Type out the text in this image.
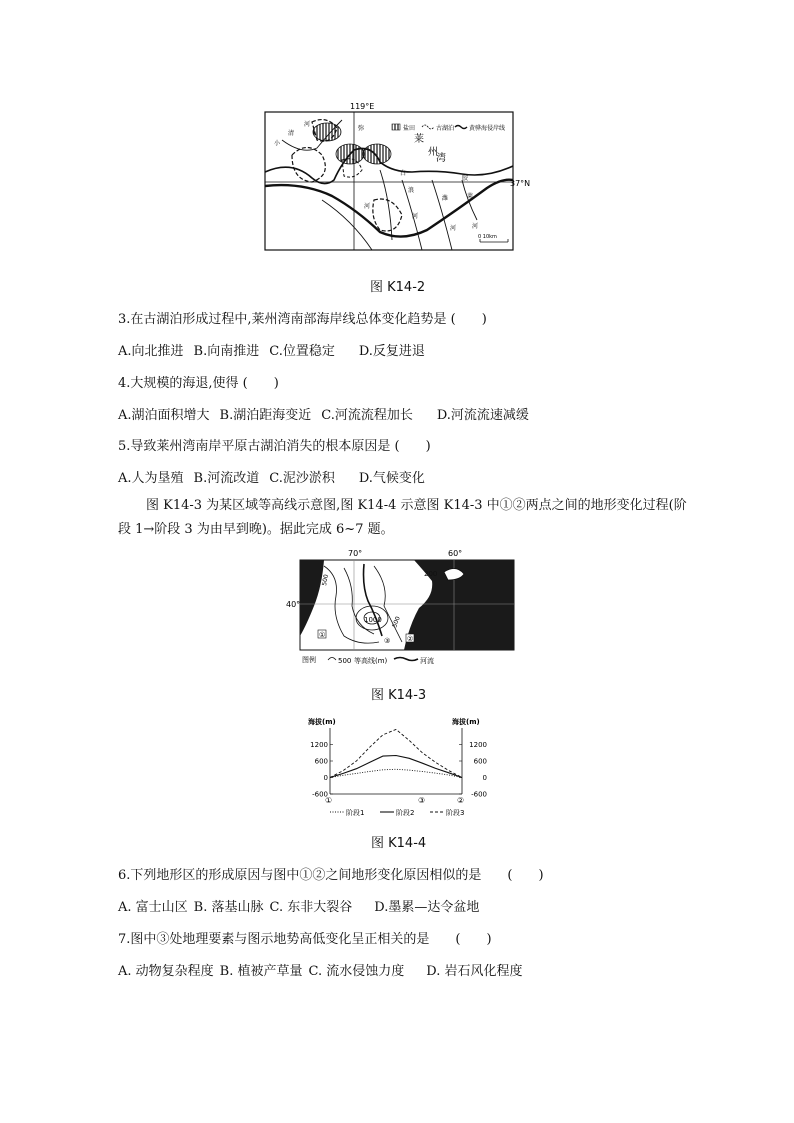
盐田	古湖泊 黄骅海侵岸线
119°E
37°N
莱
州
湾
小
清
河
弥
河
白
浪
河
胶
莱
河
潍
河
0 10km
图 K14-2
3.在古湖泊形成过程中,莱州湾南部海岸线总体变化趋势是 (　　)
A.向北推进 B.向南推进 C.位置稳定 D.反复进退
4.大规模的海退,使得 (　　)
A.湖泊面积增大 B.湖泊距海变近 C.河流流程加长 D.河流流速减缓
5.导致莱州湾南岸平原古湖泊消失的根本原因是 (　　)
A.人为垦殖 B.河流改道 C.泥沙淤积 D.气候变化
图 K14-3 为某区域等高线示意图,图 K14-4 示意图 K14-3 中①②两点之间的地形变化过程(阶段 1→阶段 3 为由早到晚)。据此完成 6~7 题。
70°	60°
40°
200
1000
500
500
①	②
③
图例	500 等高线(m)	河流
图 K14-3
海拔(m)	海拔(m)
1200
600
0
-600
1200
600
0
-600
①	③	②
阶段1	阶段2	阶段3
图 K14-4
6.下列地形区的形成原因与图中①②之间地形变化原因相似的是　　(　　)
A. 富士山区 B. 落基山脉 C. 东非大裂谷 D.墨累—达令盆地
7.图中③处地理要素与图示地势高低变化呈正相关的是　　(　　)
A. 动物复杂程度 B. 植被产草量 C. 流水侵蚀力度 D. 岩石风化程度
